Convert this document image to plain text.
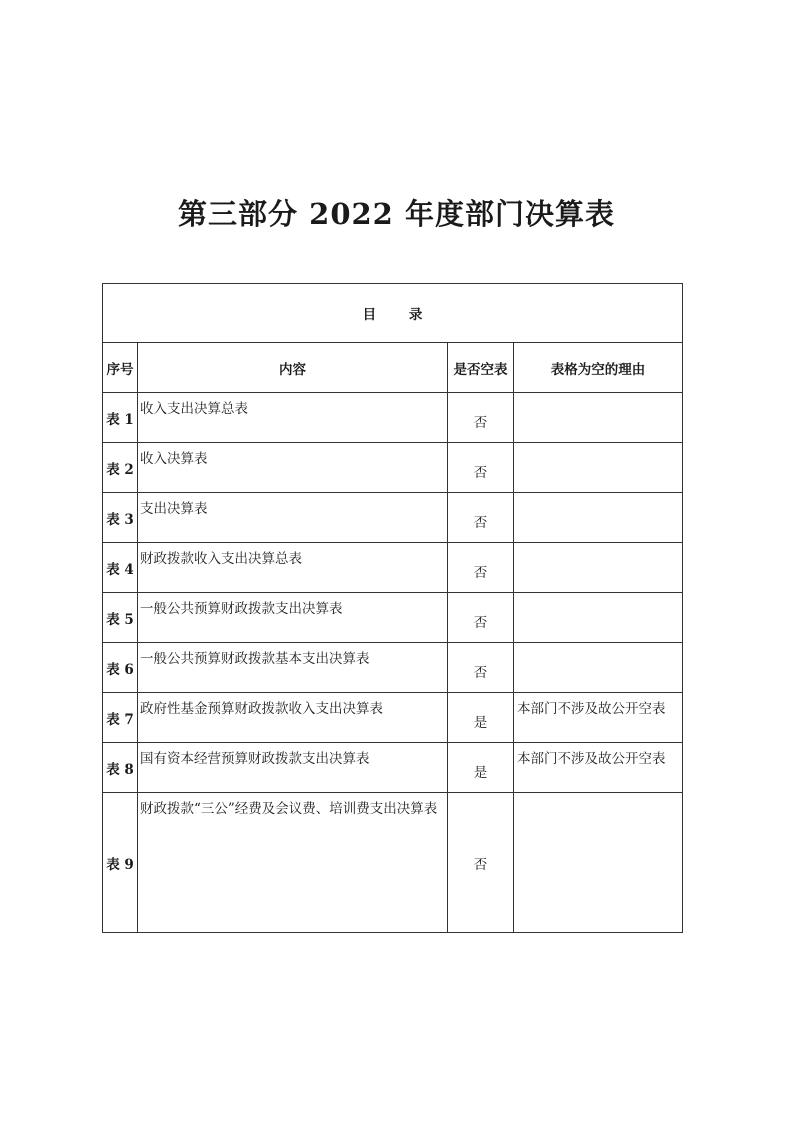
第三部分 2022 年度部门决算表
目 录			
序号	内容	是否空表	表格为空的理由
表 1	收入支出决算总表	否	
表 2	收入决算表	否	
表 3	支出决算表	否	
表 4	财政拨款收入支出决算总表	否	
表 5	一般公共预算财政拨款支出决算表	否	
表 6	一般公共预算财政拨款基本支出决算表	否	
表 7	政府性基金预算财政拨款收入支出决算表	是	本部门不涉及故公开空表
表 8	国有资本经营预算财政拨款支出决算表	是	本部门不涉及故公开空表
表 9	财政拨款“三公”经费及会议费、培训费支出决算表	否	
